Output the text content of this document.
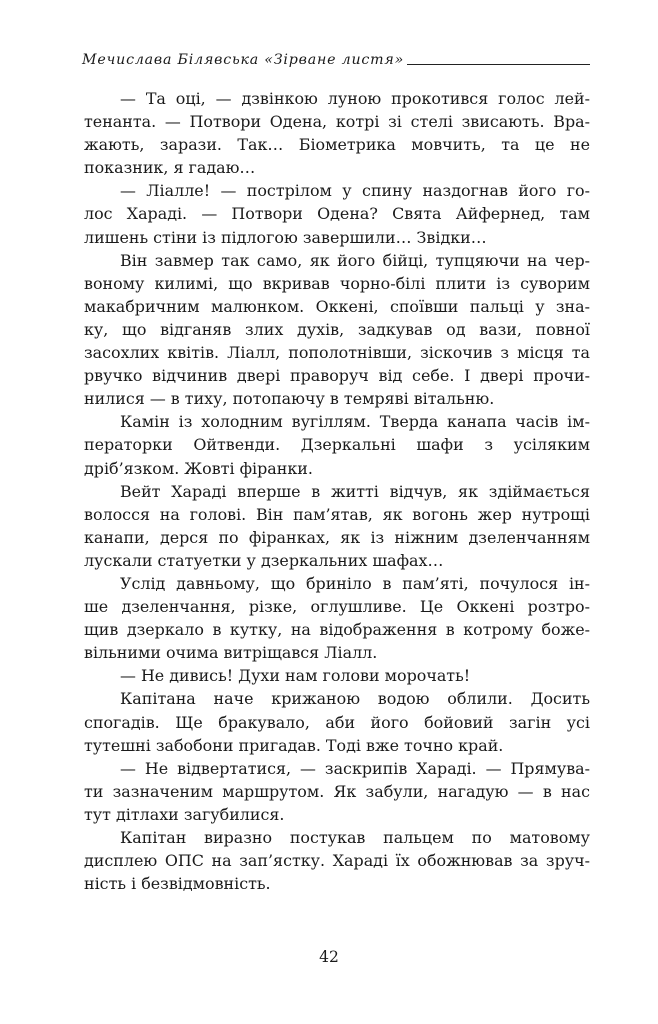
Мечислава Білявська «Зірване листя»
— Та оці, — дзвінкою луною прокотився голос лей-
тенанта. — Потвори Одена, котрі зі стелі звисають. Вра-
жають, зарази. Так… Біометрика мовчить, та це не
показник, я гадаю…
— Ліалле! — пострілом у спину наздогнав його го-
лос Хараді. — Потвори Одена? Свята Айфернед, там
лишень стіни із підлогою завершили… Звідки…
Він завмер так само, як його бійці, тупцяючи на чер-
воному килимі, що вкривав чорно-білі плити із суворим
макабричним малюнком. Оккені, споївши пальці у зна-
ку, що відганяв злих духів, задкував од вази, повної
засохлих квітів. Ліалл, пополотнівши, зіскочив з місця та
рвучко відчинив двері праворуч від себе. І двері прочи-
нилися — в тиху, потопаючу в темряві вітальню.
Камін із холодним вугіллям. Тверда канапа часів ім-
ператорки Ойтвенди. Дзеркальні шафи з усіляким
дріб’язком. Жовті фіранки.
Вейт Хараді вперше в житті відчув, як здіймається
волосся на голові. Він пам’ятав, як вогонь жер нутрощі
канапи, дерся по фіранках, як із ніжним дзеленчанням
лускали статуетки у дзеркальних шафах…
Услід давньому, що бриніло в пам’яті, почулося ін-
ше дзеленчання, різке, оглушливе. Це Оккені розтро-
щив дзеркало в кутку, на відображення в котрому боже-
вільними очима витріщався Ліалл.
— Не дивись! Духи нам голови морочать!
Капітана наче крижаною водою облили. Досить
спогадів. Ще бракувало, аби його бойовий загін усі
тутешні забобони пригадав. Тоді вже точно край.
— Не відвертатися, — заскрипів Хараді. — Прямува-
ти зазначеним маршрутом. Як забули, нагадую — в нас
тут дітлахи загубилися.
Капітан виразно постукав пальцем по матовому
дисплею ОПС на зап’ястку. Хараді їх обожнював за зруч-
ність і безвідмовність.
42
